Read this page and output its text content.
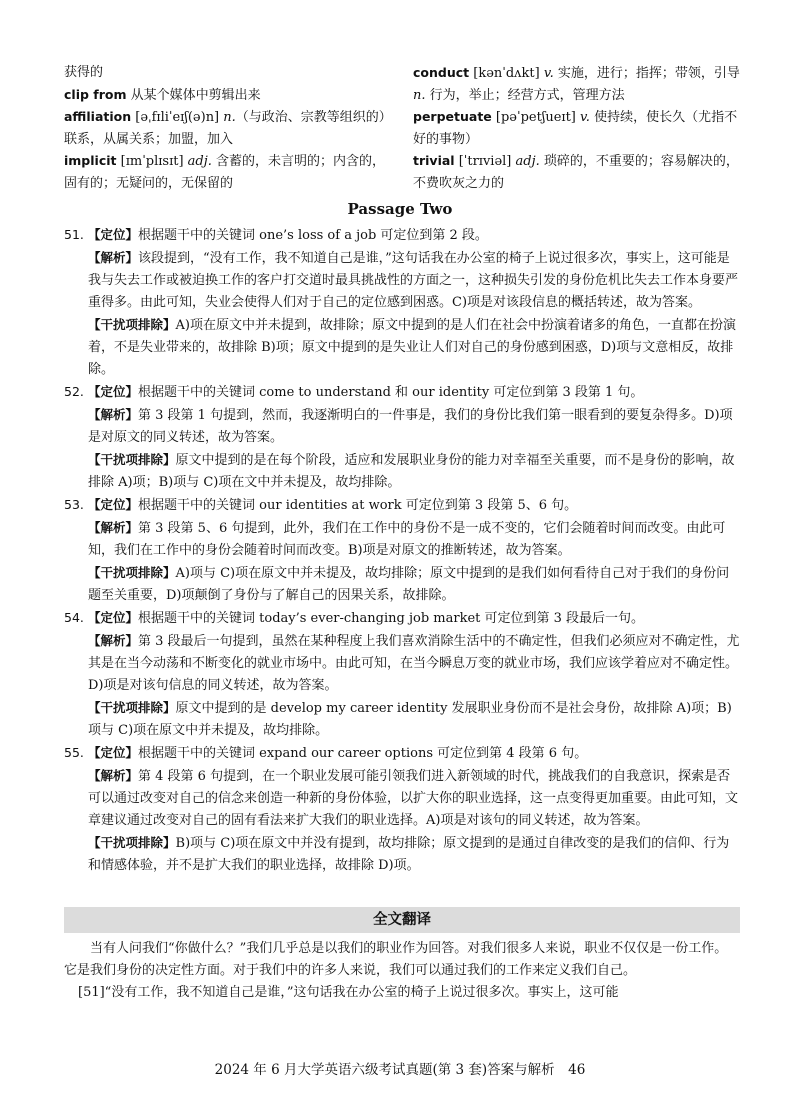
获得的

clip from 从某个媒体中剪辑出来

affiliation [əˌfɪliˈeɪʃ(ə)n] n.（与政治、宗教等组织的）联系，从属关系；加盟，加入

implicit [ɪmˈplɪsɪt] adj. 含蓄的，未言明的；内含的，固有的；无疑问的，无保留的

conduct [kənˈdʌkt] v. 实施，进行；指挥；带领，引导 n. 行为，举止；经营方式，管理方法

perpetuate [pəˈpetʃueɪt] v. 使持续，使长久（尤指不好的事物）

trivial [ˈtrɪviəl] adj. 琐碎的，不重要的；容易解决的，不费吹灰之力的

Passage Two

51. 【定位】根据题干中的关键词 one’s loss of a job 可定位到第 2 段。

【解析】该段提到，“没有工作，我不知道自己是谁，”这句话我在办公室的椅子上说过很多次，事实上，这可能是我与失去工作或被迫换工作的客户打交道时最具挑战性的方面之一，这种损失引发的身份危机比失去工作本身要严重得多。由此可知，失业会使得人们对于自己的定位感到困惑。C)项是对该段信息的概括转述，故为答案。

【干扰项排除】A)项在原文中并未提到，故排除；原文中提到的是人们在社会中扮演着诸多的角色，一直都在扮演着，不是失业带来的，故排除 B)项；原文中提到的是失业让人们对自己的身份感到困惑，D)项与文意相反，故排除。

52. 【定位】根据题干中的关键词 come to understand 和 our identity 可定位到第 3 段第 1 句。

【解析】第 3 段第 1 句提到，然而，我逐渐明白的一件事是，我们的身份比我们第一眼看到的要复杂得多。D)项是对原文的同义转述，故为答案。

【干扰项排除】原文中提到的是在每个阶段，适应和发展职业身份的能力对幸福至关重要，而不是身份的影响，故排除 A)项；B)项与 C)项在文中并未提及，故均排除。

53. 【定位】根据题干中的关键词 our identities at work 可定位到第 3 段第 5、6 句。

【解析】第 3 段第 5、6 句提到，此外，我们在工作中的身份不是一成不变的，它们会随着时间而改变。由此可知，我们在工作中的身份会随着时间而改变。B)项是对原文的推断转述，故为答案。

【干扰项排除】A)项与 C)项在原文中并未提及，故均排除；原文中提到的是我们如何看待自己对于我们的身份问题至关重要，D)项颠倒了身份与了解自己的因果关系，故排除。

54. 【定位】根据题干中的关键词 today’s ever-changing job market 可定位到第 3 段最后一句。

【解析】第 3 段最后一句提到，虽然在某种程度上我们喜欢消除生活中的不确定性，但我们必须应对不确定性，尤其是在当今动荡和不断变化的就业市场中。由此可知，在当今瞬息万变的就业市场，我们应该学着应对不确定性。D)项是对该句信息的同义转述，故为答案。

【干扰项排除】原文中提到的是 develop my career identity 发展职业身份而不是社会身份，故排除 A)项；B)项与 C)项在原文中并未提及，故均排除。

55. 【定位】根据题干中的关键词 expand our career options 可定位到第 4 段第 6 句。

【解析】第 4 段第 6 句提到，在一个职业发展可能引领我们进入新领域的时代，挑战我们的自我意识，探索是否可以通过改变对自己的信念来创造一种新的身份体验，以扩大你的职业选择，这一点变得更加重要。由此可知，文章建议通过改变对自己的固有看法来扩大我们的职业选择。A)项是对该句的同义转述，故为答案。

【干扰项排除】B)项与 C)项在原文中并没有提到，故均排除；原文提到的是通过自律改变的是我们的信仰、行为和情感体验，并不是扩大我们的职业选择，故排除 D)项。

全文翻译

当有人问我们“你做什么？”我们几乎总是以我们的职业作为回答。对我们很多人来说，职业不仅仅是一份工作。它是我们身份的决定性方面。对于我们中的许多人来说，我们可以通过我们的工作来定义我们自己。

[51]“没有工作，我不知道自己是谁，”这句话我在办公室的椅子上说过很多次。事实上，这可能

2024 年 6 月大学英语六级考试真题(第 3 套)答案与解析　46
